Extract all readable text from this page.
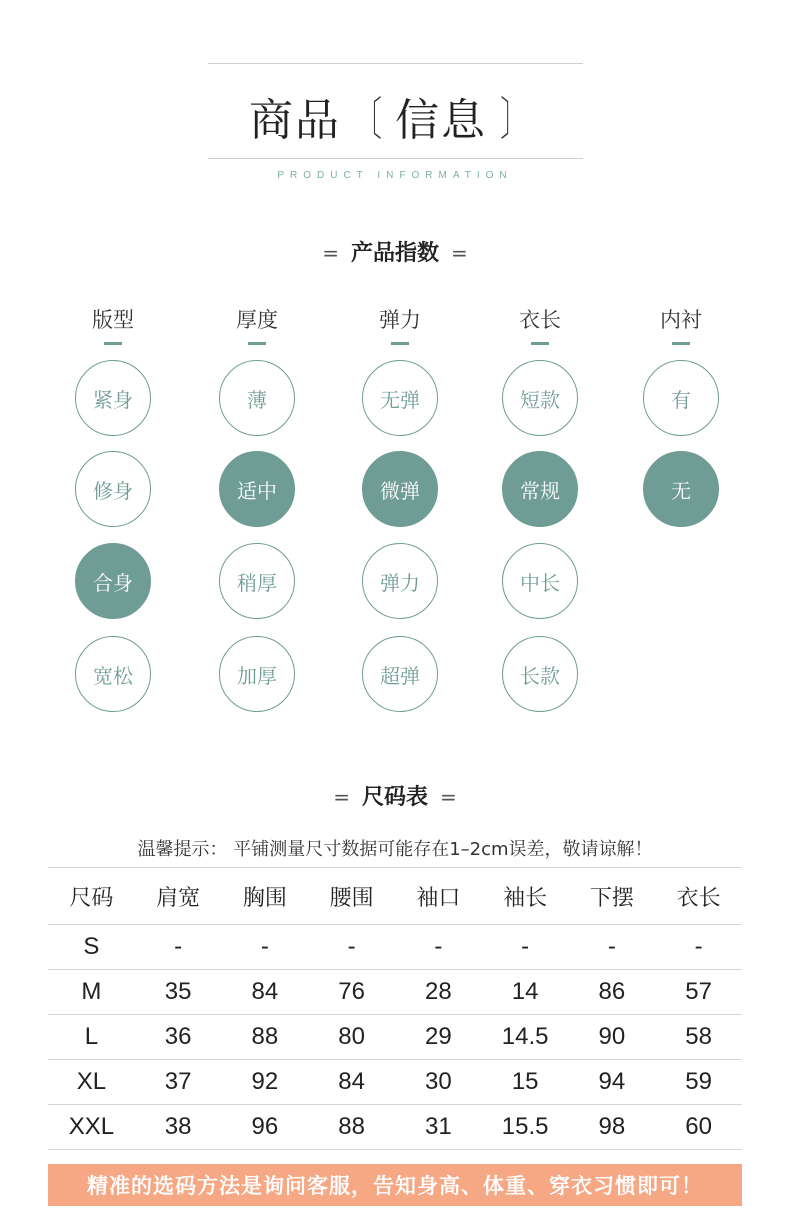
商品 〔 信息 〕
PRODUCT INFORMATION
= 产品指数 =
版型
紧身
修身
合身
宽松
厚度
薄
适中
稍厚
加厚
弹力
无弹
微弹
弹力
超弹
衣长
短款
常规
中长
长款
内衬
有
无
= 尺码表 =
温馨提示： 平铺测量尺寸数据可能存在1–2cm误差，敬请谅解！
尺码	肩宽	胸围	腰围	袖口	袖长	下摆	衣长
S	-	-	-	-	-	-	-
M	35	84	76	28	14	86	57
L	36	88	80	29	14.5	90	58
XL	37	92	84	30	15	94	59
XXL	38	96	88	31	15.5	98	60
精准的选码方法是询问客服，告知身高、体重、穿衣习惯即可！
